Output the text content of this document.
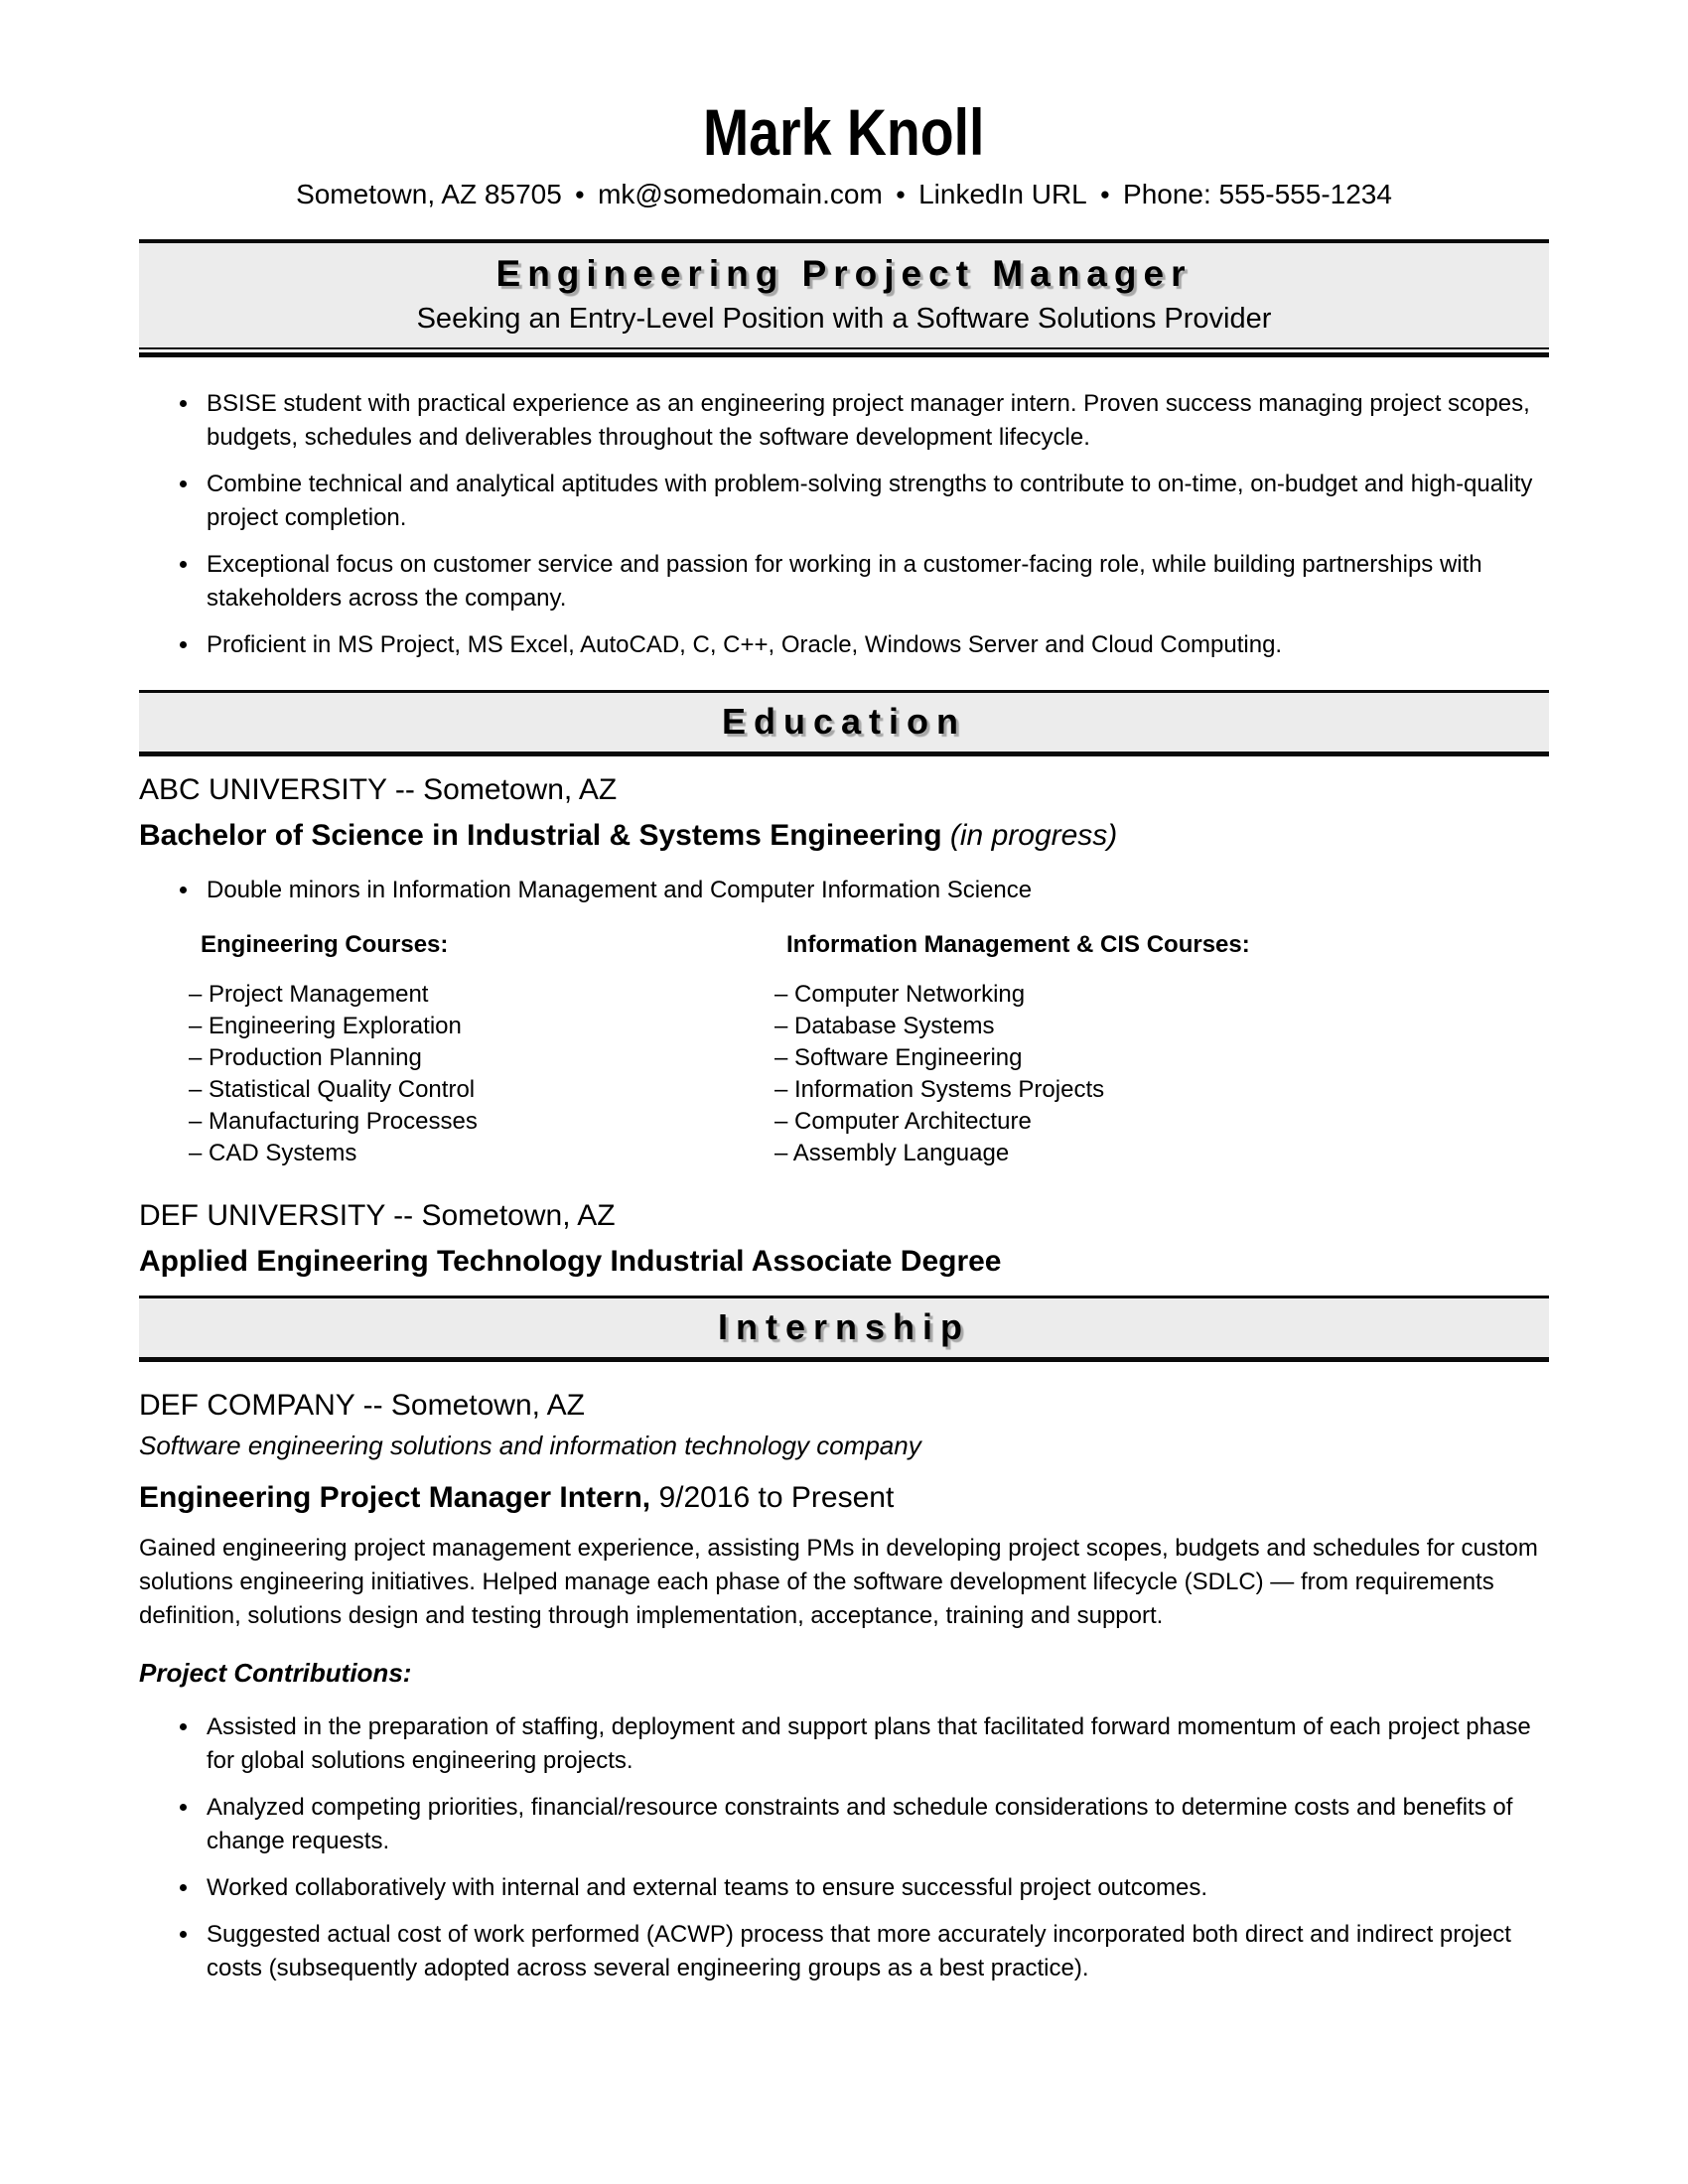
Mark Knoll
Sometown, AZ 85705 ● mk@somedomain.com ● LinkedIn URL ● Phone: 555-555-1234
Engineering Project Manager
Seeking an Entry-Level Position with a Software Solutions Provider
• BSISE student with practical experience as an engineering project manager intern. Proven success managing project scopes, budgets, schedules and deliverables throughout the software development lifecycle.
• Combine technical and analytical aptitudes with problem-solving strengths to contribute to on-time, on-budget and high-quality project completion.
• Exceptional focus on customer service and passion for working in a customer-facing role, while building partnerships with stakeholders across the company.
• Proficient in MS Project, MS Excel, AutoCAD, C, C++, Oracle, Windows Server and Cloud Computing.
Education
ABC UNIVERSITY -- Sometown, AZ
Bachelor of Science in Industrial & Systems Engineering (in progress)
• Double minors in Information Management and Computer Information Science
Engineering Courses:
– Project Management
– Engineering Exploration
– Production Planning
– Statistical Quality Control
– Manufacturing Processes
– CAD Systems
Information Management & CIS Courses:
– Computer Networking
– Database Systems
– Software Engineering
– Information Systems Projects
– Computer Architecture
– Assembly Language
DEF UNIVERSITY -- Sometown, AZ
Applied Engineering Technology Industrial Associate Degree
Internship
DEF COMPANY -- Sometown, AZ
Software engineering solutions and information technology company
Engineering Project Manager Intern, 9/2016 to Present
Gained engineering project management experience, assisting PMs in developing project scopes, budgets and schedules for custom solutions engineering initiatives. Helped manage each phase of the software development lifecycle (SDLC) — from requirements definition, solutions design and testing through implementation, acceptance, training and support.
Project Contributions:
• Assisted in the preparation of staffing, deployment and support plans that facilitated forward momentum of each project phase for global solutions engineering projects.
• Analyzed competing priorities, financial/resource constraints and schedule considerations to determine costs and benefits of change requests.
• Worked collaboratively with internal and external teams to ensure successful project outcomes.
• Suggested actual cost of work performed (ACWP) process that more accurately incorporated both direct and indirect project costs (subsequently adopted across several engineering groups as a best practice).
